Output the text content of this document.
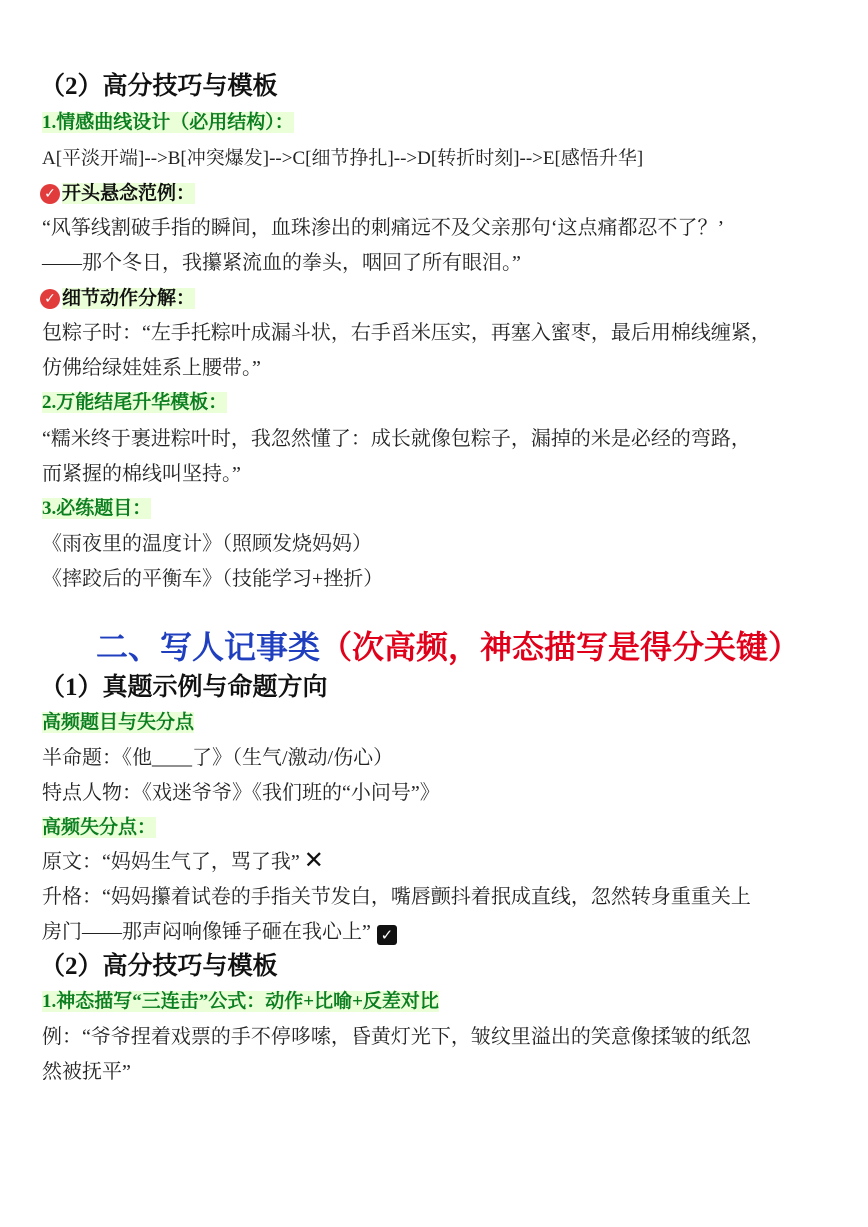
（2）高分技巧与模板
1.情感曲线设计（必用结构）：
A[平淡开端]-->B[冲突爆发]-->C[细节挣扎]-->D[转折时刻]-->E[感悟升华]
✓ 开头悬念范例：
“风筝线割破手指的瞬间，血珠渗出的刺痛远不及父亲那句‘这点痛都忍不了？’
——那个冬日，我攥紧流血的拳头，咽回了所有眼泪。”
✓ 细节动作分解：
包粽子时：“左手托粽叶成漏斗状，右手舀米压实，再塞入蜜枣，最后用棉线缠紧，
仿佛给绿娃娃系上腰带。”
2.万能结尾升华模板：
“糯米终于裹进粽叶时，我忽然懂了：成长就像包粽子，漏掉的米是必经的弯路，
而紧握的棉线叫坚持。”
3.必练题目：
《雨夜里的温度计》（照顾发烧妈妈）
《摔跤后的平衡车》（技能学习+挫折）
二、写人记事类（次高频，神态描写是得分关键）
（1）真题示例与命题方向
高频题目与失分点
半命题：《他____了》（生气/激动/伤心）
特点人物：《戏迷爷爷》《我们班的“小问号”》
高频失分点：
原文：“妈妈生气了，骂了我” ✕
升格：“妈妈攥着试卷的手指关节发白，嘴唇颤抖着抿成直线，忽然转身重重关上
房门——那声闷响像锤子砸在我心上” ✓
（2）高分技巧与模板
1.神态描写“三连击”公式：动作+比喻+反差对比
例：“爷爷捏着戏票的手不停哆嗦，昏黄灯光下，皱纹里溢出的笑意像揉皱的纸忽
然被抚平”
